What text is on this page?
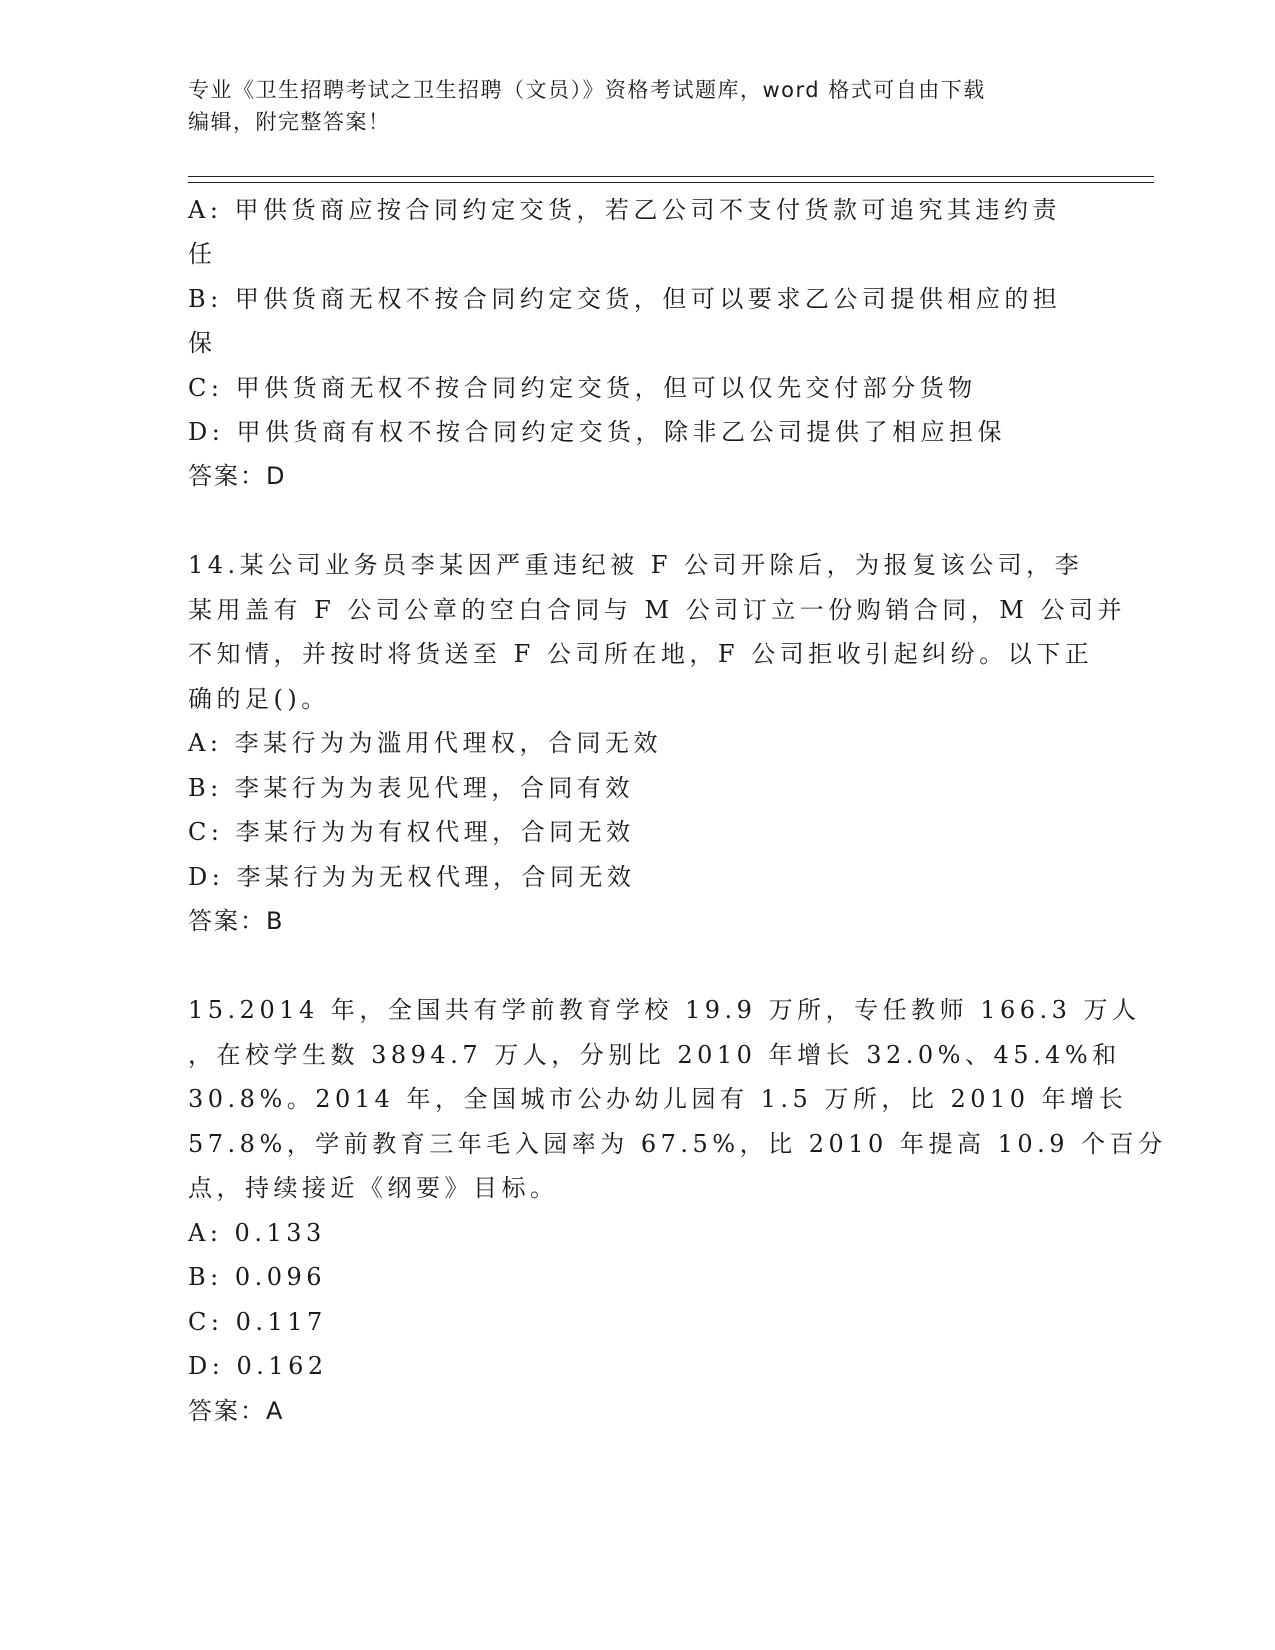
专业《卫生招聘考试之卫生招聘（文员）》资格考试题库，word 格式可自由下载
编辑，附完整答案！
A: 甲供货商应按合同约定交货，若乙公司不支付货款可追究其违约责
任
B: 甲供货商无权不按合同约定交货，但可以要求乙公司提供相应的担
保
C: 甲供货商无权不按合同约定交货，但可以仅先交付部分货物
D: 甲供货商有权不按合同约定交货，除非乙公司提供了相应担保
答案：D
14.某公司业务员李某因严重违纪被 F 公司开除后，为报复该公司，李
某用盖有 F 公司公章的空白合同与 M 公司订立一份购销合同，M 公司并
不知情，并按时将货送至 F 公司所在地，F 公司拒收引起纠纷。以下正
确的足()。
A: 李某行为为滥用代理权，合同无效
B: 李某行为为表见代理，合同有效
C: 李某行为为有权代理，合同无效
D: 李某行为为无权代理，合同无效
答案：B
15.2014 年，全国共有学前教育学校 19.9 万所，专任教师 166.3 万人
，在校学生数 3894.7 万人，分别比 2010 年增长 32.0%、45.4%和
30.8%。2014 年，全国城市公办幼儿园有 1.5 万所，比 2010 年增长
57.8%，学前教育三年毛入园率为 67.5%，比 2010 年提高 10.9 个百分
点，持续接近《纲要》目标。
A: 0.133
B: 0.096
C: 0.117
D: 0.162
答案：A
